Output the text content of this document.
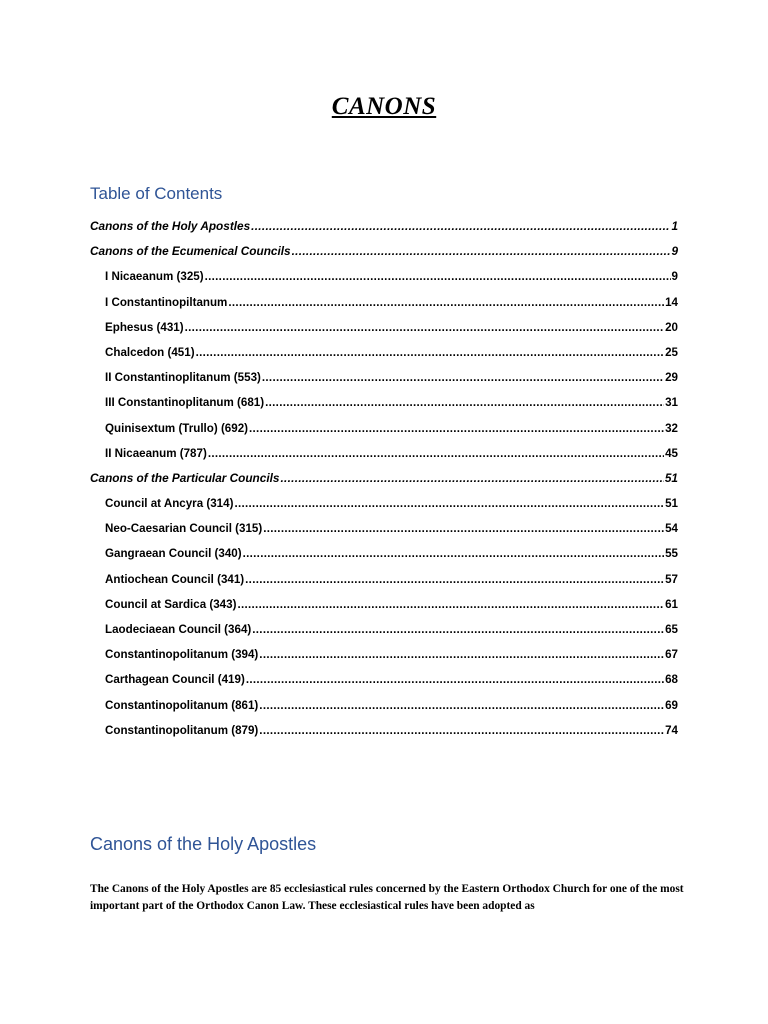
CANONS
Table of Contents
Canons of the Holy Apostles .....	1
Canons of the Ecumenical Councils .....	9
I Nicaeanum (325) .....	9
I Constantinopiltanum .....	14
Ephesus (431) .....	20
Chalcedon (451) .....	25
II Constantinoplitanum (553) .....	29
III Constantinoplitanum (681) .....	31
Quinisextum (Trullo) (692) .....	32
II Nicaeanum (787) .....	45
Canons of the Particular Councils .....	51
Council at Ancyra (314) .....	51
Neo-Caesarian Council (315) .....	54
Gangraean Council (340) .....	55
Antiochean Council (341) .....	57
Council at Sardica (343) .....	61
Laodeciaean Council (364) .....	65
Constantinopolitanum (394) .....	67
Carthagean Council (419) .....	68
Constantinopolitanum (861) .....	69
Constantinopolitanum (879) .....	74
Canons of the Holy Apostles
The Canons of the Holy Apostles are 85 ecclesiastical rules concerned by the Eastern Orthodox Church for one of the most important part of the Orthodox Canon Law. These ecclesiastical rules have been adopted as
